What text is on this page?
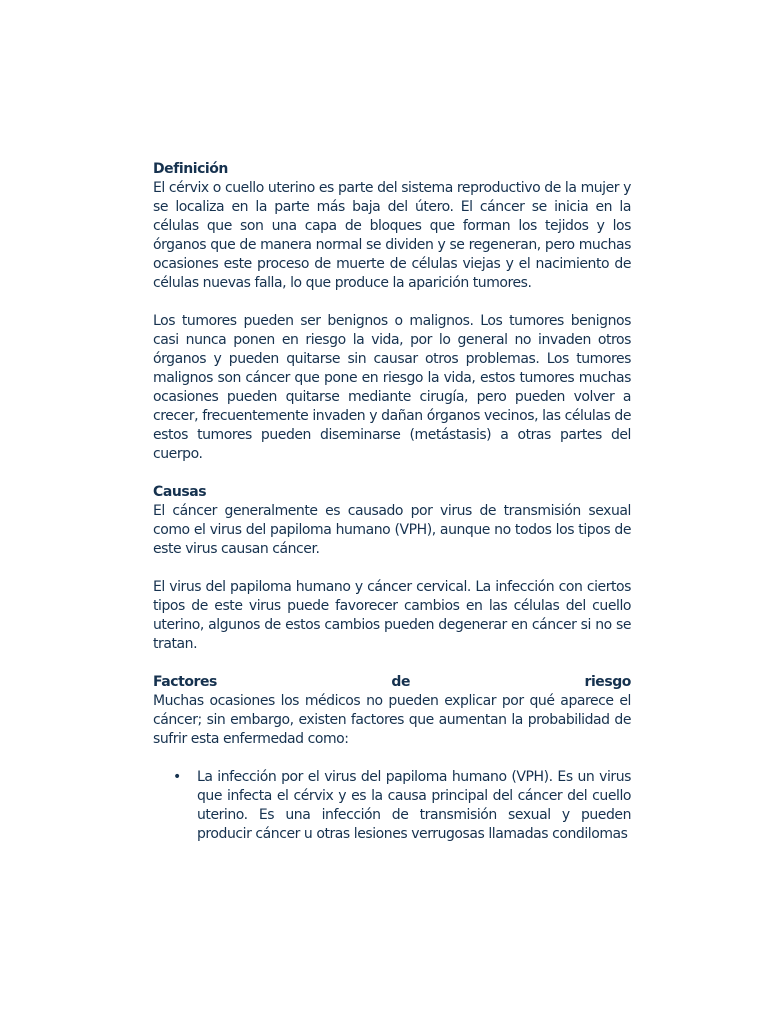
Definición

El cérvix o cuello uterino es parte del sistema reproductivo de la mujer y se localiza en la parte más baja del útero. El cáncer se inicia en la células que son una capa de bloques que forman los tejidos y los órganos que de manera normal se dividen y se regeneran, pero muchas ocasiones este proceso de muerte de células viejas y el nacimiento de células nuevas falla, lo que produce la aparición tumores.

Los tumores pueden ser benignos o malignos. Los tumores benignos casi nunca ponen en riesgo la vida, por lo general no invaden otros órganos y pueden quitarse sin causar otros problemas. Los tumores malignos son cáncer que pone en riesgo la vida, estos tumores muchas ocasiones pueden quitarse mediante cirugía, pero pueden volver a crecer, frecuentemente invaden y dañan órganos vecinos, las células de estos tumores pueden diseminarse (metástasis) a otras partes del cuerpo.

Causas

El cáncer generalmente es causado por virus de transmisión sexual como el virus del papiloma humano (VPH), aunque no todos los tipos de este virus causan cáncer.

El virus del papiloma humano y cáncer cervical. La infección con ciertos tipos de este virus puede favorecer cambios en las células del cuello uterino, algunos de estos cambios pueden degenerar en cáncer si no se tratan.

Factores	de	riesgo

Muchas ocasiones los médicos no pueden explicar por qué aparece el cáncer; sin embargo, existen factores que aumentan la probabilidad de sufrir esta enfermedad como:

• La infección por el virus del papiloma humano (VPH). Es un virus que infecta el cérvix y es la causa principal del cáncer del cuello uterino. Es una infección de transmisión sexual y pueden producir cáncer u otras lesiones verrugosas llamadas condilomas
